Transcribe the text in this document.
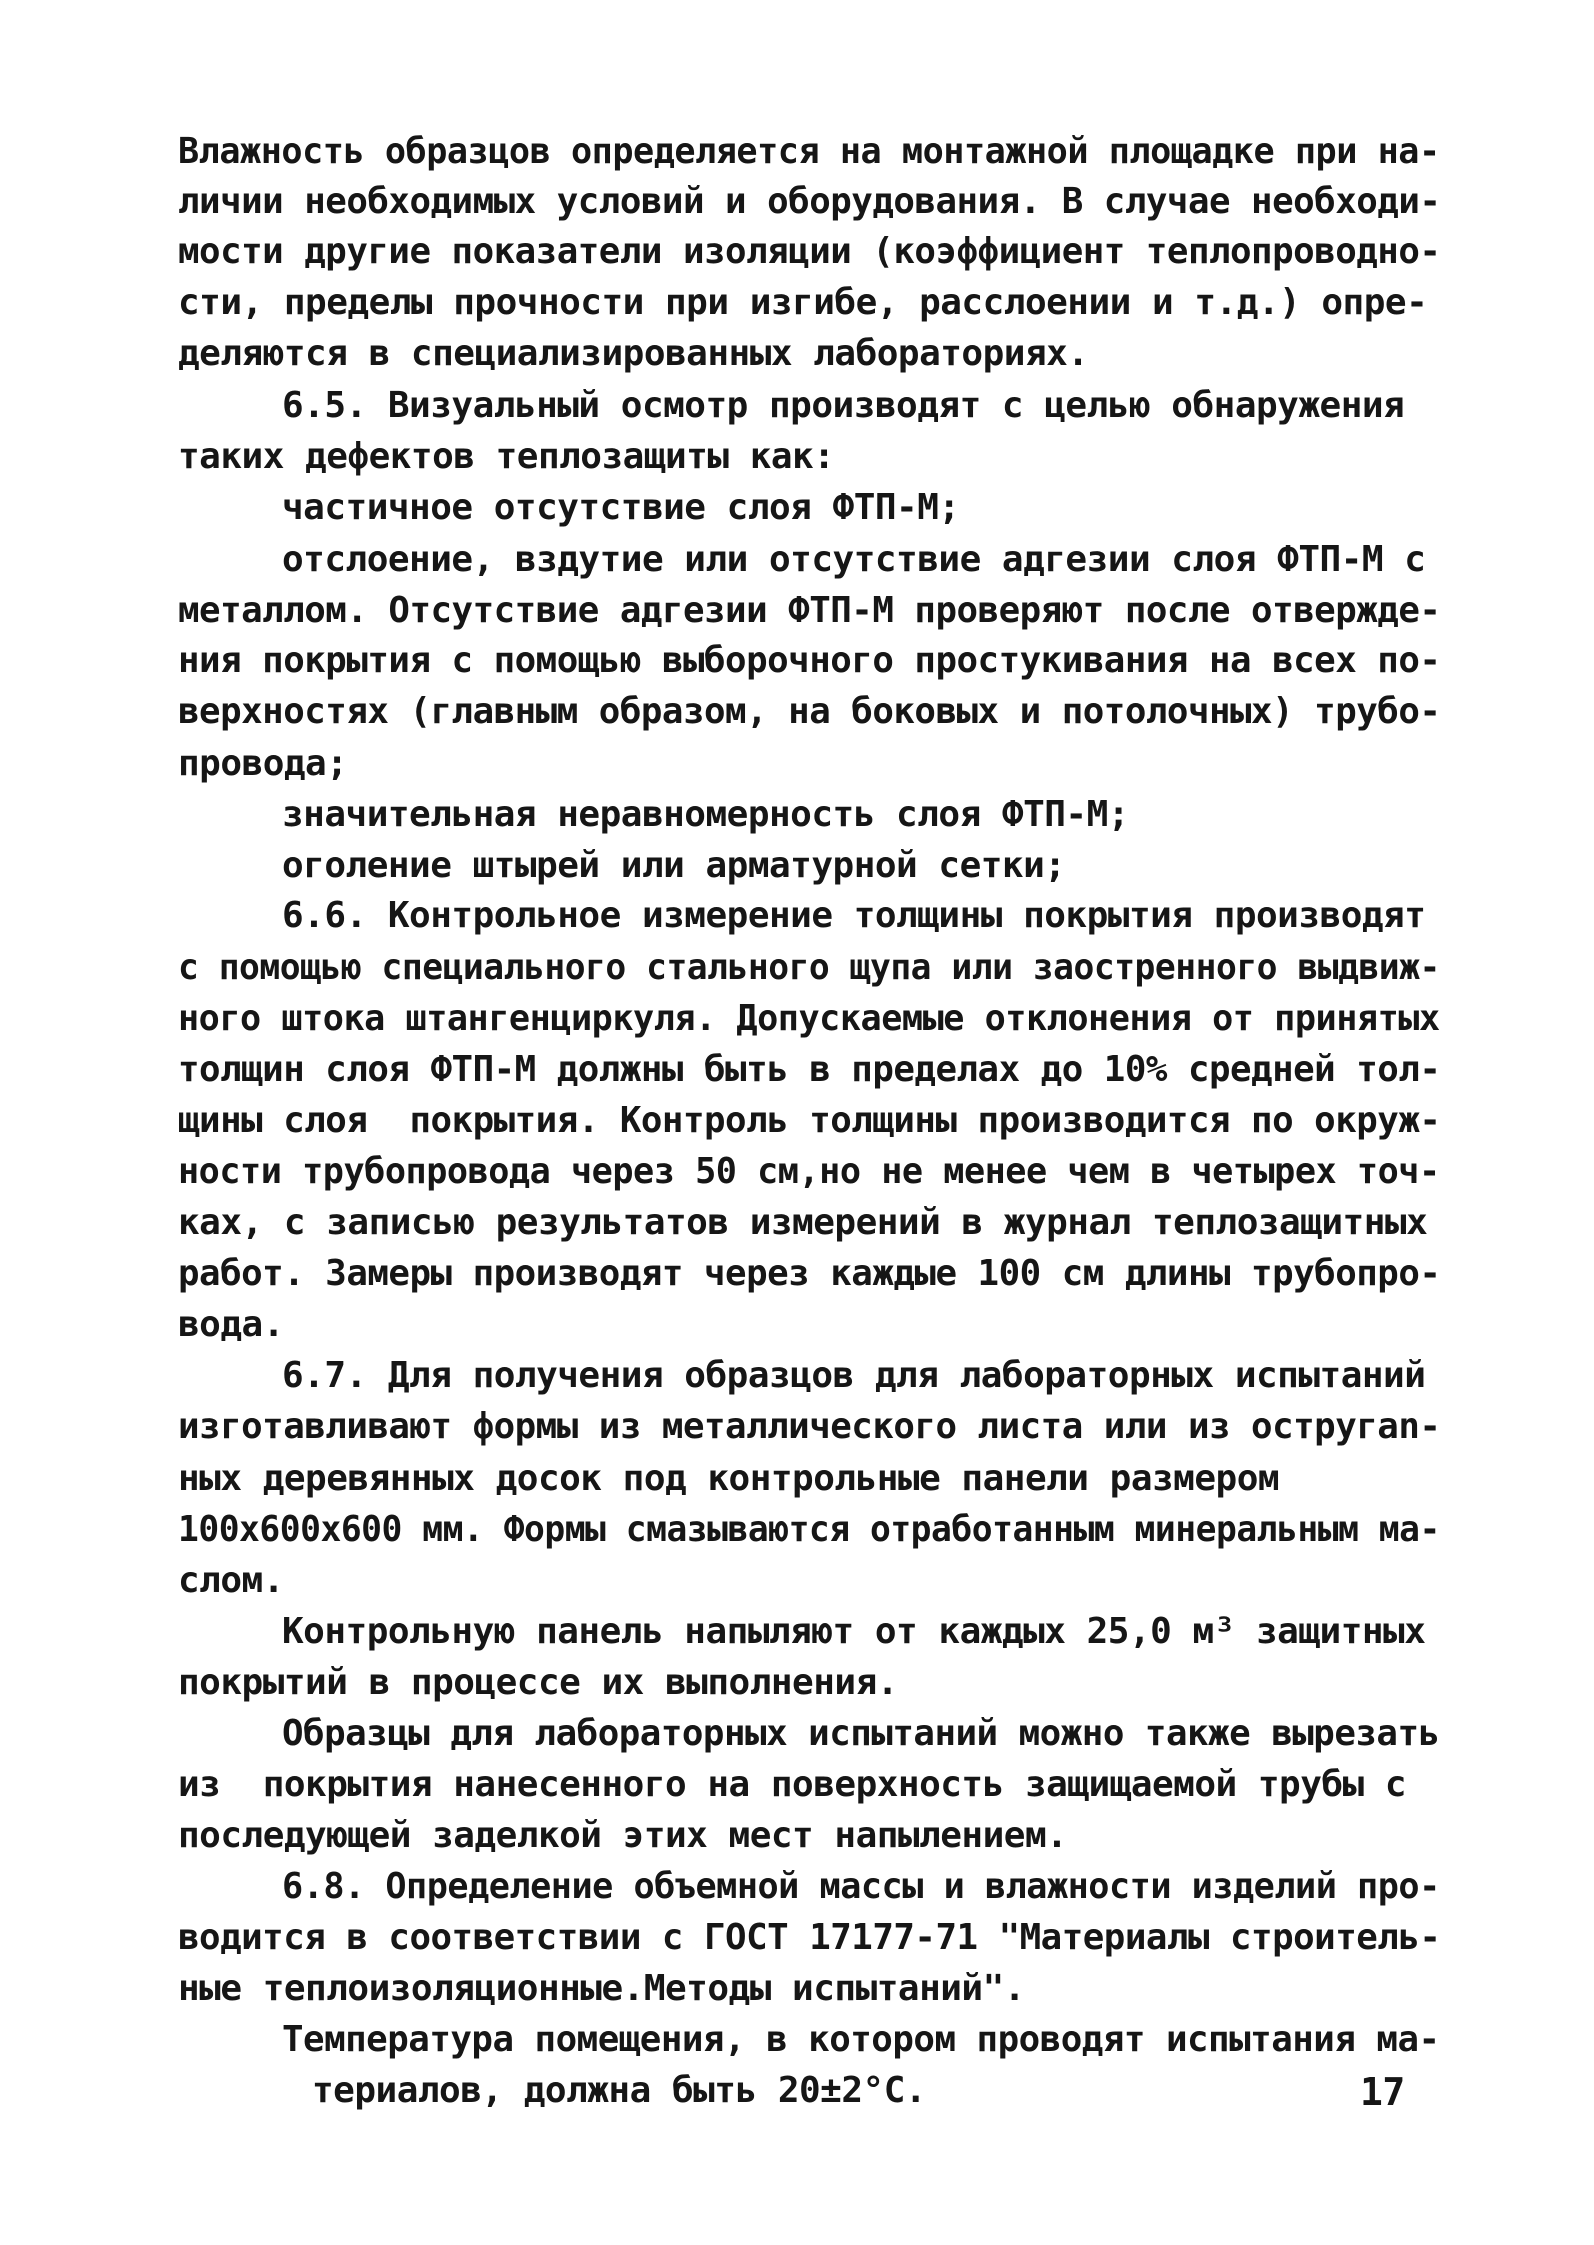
Влажность образцов определяется на монтажной площадке при на-
личии необходимых условий и оборудования. В случае необходи-
мости другие показатели изоляции (коэффициент теплопроводно-
сти, пределы прочности при изгибе, расслоении и т.д.) опре-
деляются в специализированных лабораториях.
6.5. Визуальный осмотр производят с целью обнаружения
таких дефектов теплозащиты как:
частичное отсутствие слоя ФТП-М;
отслоение, вздутие или отсутствие адгезии слоя ФТП-М с
металлом. Отсутствие адгезии ФТП-М проверяют после отвержде-
ния покрытия с помощью выборочного простукивания на всех по-
верхностях (главным образом, на боковых и потолочных) трубо-
провода;
значительная неравномерность слоя ФТП-М;
оголение штырей или арматурной сетки;
6.6. Контрольное измерение толщины покрытия производят
с помощью специального стального щупа или заостренного выдвиж-
ного штока штангенциркуля. Допускаемые отклонения от принятых
толщин слоя ФТП-М должны быть в пределах до 10% средней тол-
щины слоя  покрытия. Контроль толщины производится по окруж-
ности трубопровода через 50 см,но не менее чем в четырех точ-
ках, с записью результатов измерений в журнал теплозащитных
работ. Замеры производят через каждые 100 см длины трубопро-
вода.
6.7. Для получения образцов для лабораторных испытаний
изготавливают формы из металлического листа или из остругаn-
ных деревянных досок под контрольные панели размером
100х600х600 мм. Формы смазываются отработанным минеральным ма-
слом.
Контрольную панель напыляют от каждых 25,0 м³ защитных
покрытий в процессе их выполнения.
Образцы для лабораторных испытаний можно также вырезать
из  покрытия нанесенного на поверхность защищаемой трубы с
последующей заделкой этих мест напылением.
6.8. Определение объемной массы и влажности изделий про-
водится в соответствии с ГОСТ 17177-71 "Материалы строитель-
ные теплоизоляционные.Методы испытаний".
Температура помещения, в котором проводят испытания ма-
териалов, должна быть 20±2°С.	17
